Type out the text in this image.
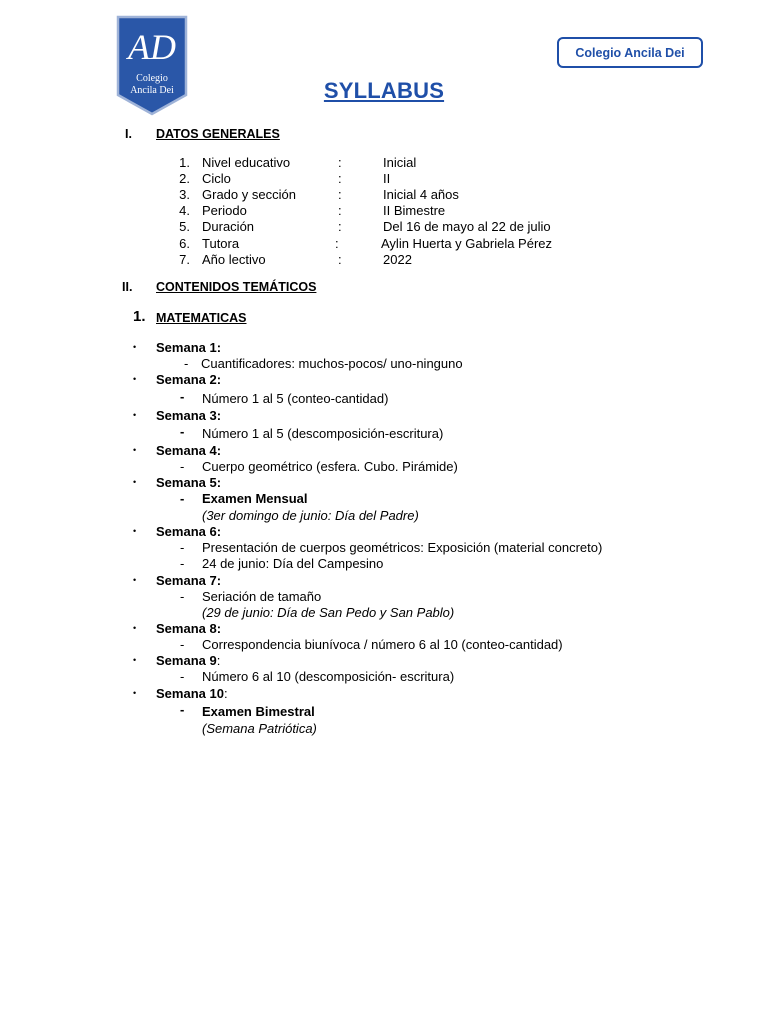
AD
Colegio
Ancila Dei
Colegio Ancila Dei
SYLLABUS
I. DATOS GENERALES
1. Nivel educativo	:	Inicial
2. Ciclo	:	II
3. Grado y sección	:	Inicial 4 años
4. Periodo	:	II Bimestre
5. Duración	:	Del 16 de mayo al 22 de julio
6. Tutora	:	Aylin Huerta y Gabriela Pérez
7. Año lectivo	:	2022
II. CONTENIDOS TEMÁTICOS
1. MATEMATICAS
• Semana 1:
- Cuantificadores: muchos-pocos/ uno-ninguno
• Semana 2:
- Número 1 al 5 (conteo-cantidad)
• Semana 3:
- Número 1 al 5 (descomposición-escritura)
• Semana 4:
- Cuerpo geométrico (esfera. Cubo. Pirámide)
• Semana 5:
- Examen Mensual
(3er domingo de junio: Día del Padre)
• Semana 6:
- Presentación de cuerpos geométricos: Exposición (material concreto)
- 24 de junio: Día del Campesino
• Semana 7:
- Seriación de tamaño
(29 de junio: Día de San Pedo y San Pablo)
• Semana 8:
- Correspondencia biunívoca / número 6 al 10 (conteo-cantidad)
• Semana 9:
- Número 6 al 10 (descomposición- escritura)
• Semana 10:
- Examen Bimestral
(Semana Patriótica)
